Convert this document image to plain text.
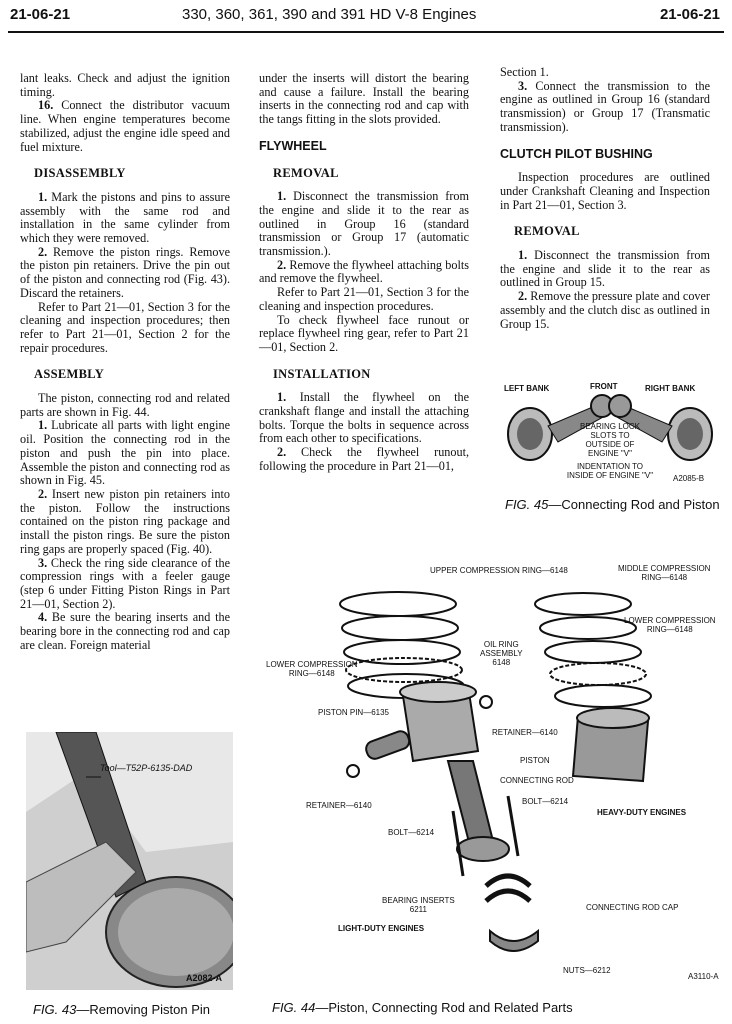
21-06-21	330, 360, 361, 390 and 391 HD V-8 Engines	21-06-21

lant leaks. Check and adjust the ignition timing.

16. Connect the distributor vacuum line. When engine temperatures become stabilized, adjust the engine idle speed and fuel mixture.

DISASSEMBLY

1. Mark the pistons and pins to assure assembly with the same rod and installation in the same cylinder from which they were removed.

2. Remove the piston rings. Remove the piston pin retainers. Drive the pin out of the piston and connecting rod (Fig. 43). Discard the retainers.

Refer to Part 21—01, Section 3 for the cleaning and inspection procedures; then refer to Part 21—01, Section 2 for the repair procedures.

ASSEMBLY

The piston, connecting rod and related parts are shown in Fig. 44.

1. Lubricate all parts with light engine oil. Position the connecting rod in the piston and push the pin into place. Assemble the piston and connecting rod as shown in Fig. 45.

2. Insert new piston pin retainers into the piston. Follow the instructions contained on the piston ring package and install the piston rings. Be sure the piston ring gaps are properly spaced (Fig. 40).

3. Check the ring side clearance of the compression rings with a feeler gauge (step 6 under Fitting Piston Rings in Part 21—01, Section 2).

4. Be sure the bearing inserts and the bearing bore in the connecting rod and cap are clean. Foreign material

under the inserts will distort the bearing and cause a failure. Install the bearing inserts in the connecting rod and cap with the tangs fitting in the slots provided.

FLYWHEEL
REMOVAL

1. Disconnect the transmission from the engine and slide it to the rear as outlined in Group 16 (standard transmission or Group 17 (automatic transmission.).

2. Remove the flywheel attaching bolts and remove the flywheel.

Refer to Part 21—01, Section 3 for the cleaning and inspection procedures.

To check flywheel face runout or replace flywheel ring gear, refer to Part 21—01, Section 2.

INSTALLATION

1. Install the flywheel on the crankshaft flange and install the attaching bolts. Torque the bolts in sequence across from each other to specifications.

2. Check the flywheel runout, following the procedure in Part 21—01,

Section 1.

3. Connect the transmission to the engine as outlined in Group 16 (standard transmission) or Group 17 (Transmatic transmission).

CLUTCH PILOT BUSHING

Inspection procedures are outlined under Crankshaft Cleaning and Inspection in Part 21—01, Section 3.

REMOVAL

1. Disconnect the transmission from the engine and slide it to the rear as outlined in Group 15.

2. Remove the pressure plate and cover assembly and the clutch disc as outlined in Group 15.

LEFT BANK	FRONT	RIGHT BANK
BEARING LOCK
SLOTS TO
OUTSIDE OF
ENGINE "V"
INDENTATION TO
INSIDE OF ENGINE "V"	A2085-B
FIG. 45—Connecting Rod and Piston
Tool—T52P-6135-DAD
A2082-A
FIG. 43—Removing Piston Pin
UPPER COMPRESSION RING—6148	MIDDLE COMPRESSION
RING—6148
LOWER COMPRESSION
RING—6148
LOWER COMPRESSION
RING—6148
OIL RING
ASSEMBLY
6148
PISTON PIN—6135
RETAINER—6140
PISTON
CONNECTING ROD
BOLT—6214
RETAINER—6140
BOLT—6214
HEAVY-DUTY ENGINES
BEARING INSERTS
6211
LIGHT-DUTY ENGINES
CONNECTING ROD CAP
NUTS—6212
A3110-A
FIG. 44—Piston, Connecting Rod and Related Parts
